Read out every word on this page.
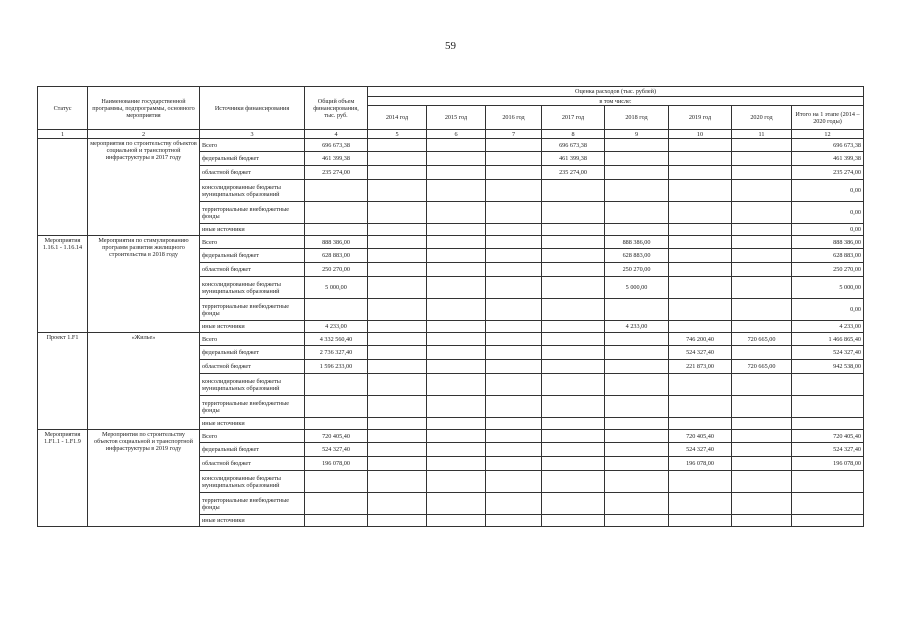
59
Статус	Наименование государственной программы, подпрограммы, основного мероприятия	Источники финансирования	Общий объем финансирования, тыс. руб.	Оценка расходов (тыс. рублей)							
				в том числе:							
				2014 год	2015 год	2016 год	2017 год	2018 год	2019 год	2020 год	Итого на 1 этапе (2014 – 2020 годы)
1	2	3	4	5	6	7	8	9	10	11	12
	мероприятия по строительству объектов социальной и транспортной инфраструктуры в 2017 году	Всего	696 673,38				696 673,38				696 673,38
		федеральный бюджет	461 399,38				461 399,38				461 399,38
		областной бюджет	235 274,00				235 274,00				235 274,00
		консолидированные бюджеты муниципальных образований									0,00
		территориальные внебюджетные фонды									0,00
		иные источники									0,00
Мероприятия 1.16.1 - 1.16.14	Мероприятия по стимулированию программ развития жилищного строительства в 2018 году	Всего	888 386,00					888 386,00			888 386,00
		федеральный бюджет	628 883,00					628 883,00			628 883,00
		областной бюджет	250 270,00					250 270,00			250 270,00
		консолидированные бюджеты муниципальных образований	5 000,00					5 000,00			5 000,00
		территориальные внебюджетные фонды									0,00
		иные источники	4 233,00					4 233,00			4 233,00
Проект 1.F1	«Жилье»	Всего	4 332 560,40						746 200,40	720 665,00	1 466 865,40
		федеральный бюджет	2 736 327,40						524 327,40		524 327,40
		областной бюджет	1 596 233,00						221 873,00	720 665,00	942 538,00
		консолидированные бюджеты муниципальных образований									
		территориальные внебюджетные фонды									
		иные источники									
Мероприятия 1.F1.1 - 1.F1.9	Мероприятия по строительству объектов социальной и транспортной инфраструктуры в 2019 году	Всего	720 405,40						720 405,40		720 405,40
		федеральный бюджет	524 327,40						524 327,40		524 327,40
		областной бюджет	196 078,00						196 078,00		196 078,00
		консолидированные бюджеты муниципальных образований									
		территориальные внебюджетные фонды									
		иные источники									
